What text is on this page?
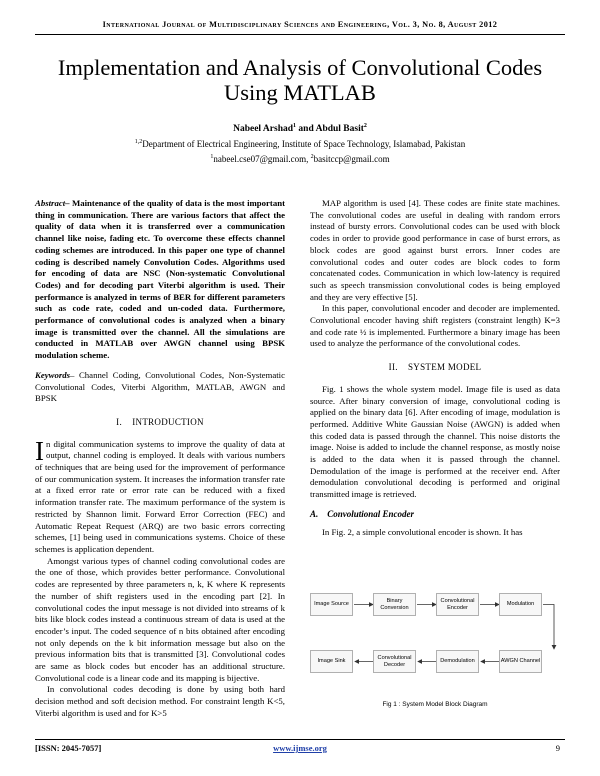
International Journal of Multidisciplinary Sciences and Engineering, Vol. 3, No. 8, August 2012
Implementation and Analysis of Convolutional Codes Using MATLAB
Nabeel Arshad$^1$ and Abdul Basit$^2$
$^{1,2}$Department of Electrical Engineering, Institute of Space Technology, Islamabad, Pakistan
$^1$nabeel.cse07@gmail.com, $^2$basitccp@gmail.com

Abstract– Maintenance of the quality of data is the most important thing in communication. There are various factors that affect the quality of data when it is transferred over a communication channel like noise, fading etc. To overcome these effects channel coding schemes are introduced. In this paper one type of channel coding is described namely Convolution Codes. Algorithms used for encoding of data are NSC (Non-systematic Convolutional Codes) and for decoding part Viterbi algorithm is used. Their performance is analyzed in terms of BER for different parameters such as code rate, coded and un-coded data. Furthermore, performance of convolutional codes is analyzed when a binary image is transmitted over the channel. All the simulations are conducted in MATLAB over AWGN channel using BPSK modulation scheme.

Keywords– Channel Coding, Convolutional Codes, Non-Systematic Convolutional Codes, Viterbi Algorithm, MATLAB, AWGN and BPSK

I.    INTRODUCTION

In digital communication systems to improve the quality of data at output, channel coding is employed. It deals with various numbers of techniques that are being used for the improvement of performance of our communication system. It increases the information transfer rate at a fixed error rate or error rate can be reduced with a fixed information transfer rate. The maximum performance of the system is restricted by Shannon limit. Forward Error Correction (FEC) and Automatic Repeat Request (ARQ) are two basic errors correcting schemes, [1] being used in communications systems. Choice of these schemes is application dependent.

Amongst various types of channel coding convolutional codes are the one of those, which provides better performance. Convolutional codes are represented by three parameters n, k, K where K represents the number of shift registers used in the encoding part [2]. In convolutional codes the input message is not divided into streams of k bits like block codes instead a continuous stream of data is used at the encoder’s input. The coded sequence of n bits obtained after encoding not only depends on the k bit information message but also on the previous information bits that is transmitted [3]. Convolutional codes are same as block codes but encoder has an additional structure. Convolutional code is a linear code and its mapping is bijective.

In convolutional codes decoding is done by using both hard decision method and soft decision method. For constraint length K<5, Viterbi algorithm is used and for K>5

MAP algorithm is used [4]. These codes are finite state machines. The convolutional codes are useful in dealing with random errors instead of bursty errors. Convolutional codes can be used with block codes in order to provide good performance in case of burst errors, as block codes are good against burst errors. Inner codes are convolutional codes and outer codes are block codes to form concatenated codes. Communication in which low-latency is required such as speech transmission convolutional codes is being employed and they are very effective [5].

In this paper, convolutional encoder and decoder are implemented. Convolutional encoder having shift registers (constraint length) K=3 and code rate ½ is implemented. Furthermore a binary image has been used to analyze the performance of the convolutional codes.

II.    SYSTEM MODEL

Fig. 1 shows the whole system model. Image file is used as data source. After binary conversion of image, convolutional coding is applied on the binary data [6]. After encoding of image, modulation is performed. Additive White Gaussian Noise (AWGN) is added when this coded data is passed through the channel. This noise distorts the image. Noise is added to include the channel response, as mostly noise is added to the data when it is passed through the channel. Demodulation of the image is performed at the receiver end. After demodulation convolutional decoding is performed and original transmitted image is retrieved.

A.    Convolutional Encoder

In Fig. 2, a simple convolutional encoder is shown. It has

Image Source
Binary Conversion
Convolutional Encoder
Modulation
AWGN Channel
Demodulation
Convolutional Decoder
Image Sink
Fig 1 : System Model Block Diagram
[ISSN: 2045-7057]	www.ijmse.org	9
